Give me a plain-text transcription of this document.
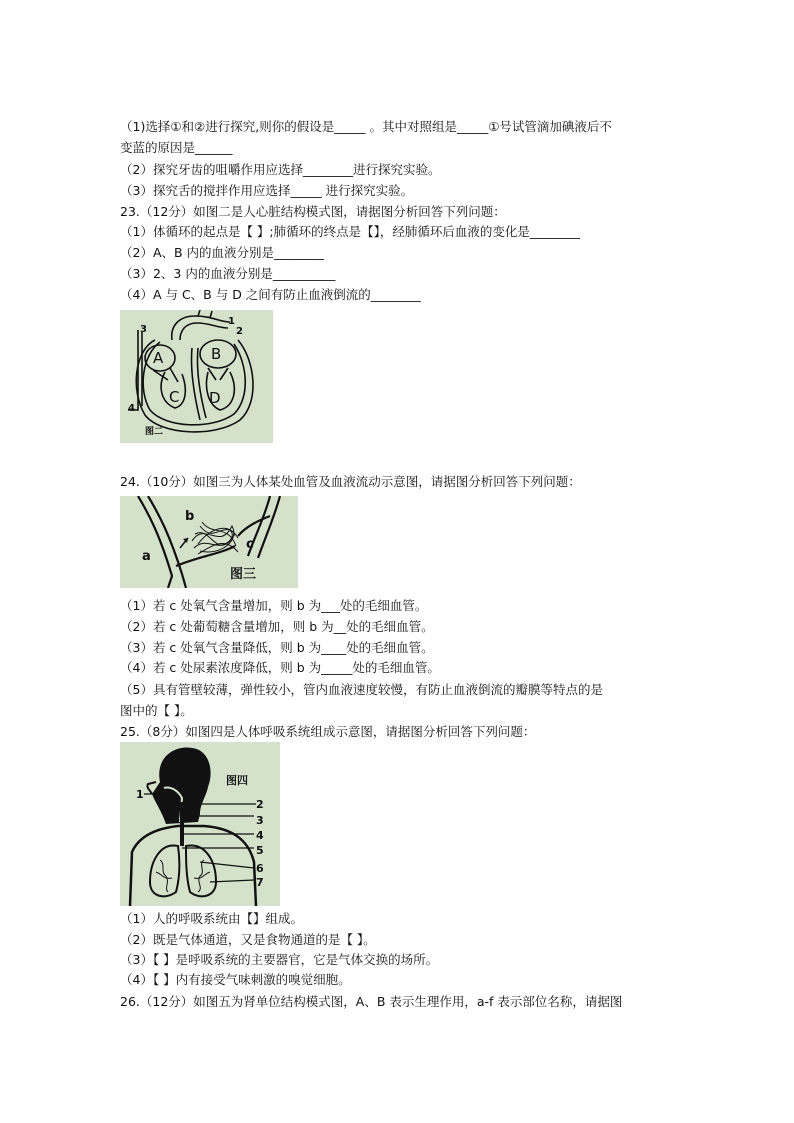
（1)选择①和②进行探究,则你的假设是_____ 。其中对照组是_____①号试管滴加碘液后不
变蓝的原因是______
（2）探究牙齿的咀嚼作用应选择________进行探究实验。
（3）探究舌的搅拌作用应选择_____ 进行探究实验。
23.（12分）如图二是人心脏结构模式图，请据图分析回答下列问题：
（1）体循环的起点是【 】;肺循环的终点是【】，经肺循环后血液的变化是________
（2）A、B 内的血液分别是________
（3）2、3 内的血液分别是__________
（4）A 与 C、B 与 D 之间有防止血液倒流的________
A	B
C D
1
2
3
4
图二
24.（10分）如图三为人体某处血管及血液流动示意图，请据图分析回答下列问题：
b
a
c
图三
（1）若 c 处氧气含量增加，则 b 为___处的毛细血管。
（2）若 c 处葡萄糖含量增加，则 b 为__处的毛细血管。
（3）若 c 处氧气含量降低，则 b 为____处的毛细血管。
（4）若 c 处尿素浓度降低，则 b 为_____处的毛细血管。
（5）具有管壁较薄，弹性较小，管内血液速度较慢，有防止血液倒流的瓣膜等特点的是
图中的【 】。
25.（8分）如图四是人体呼吸系统组成示意图，请据图分析回答下列问题：
1
2
3
4
5
6
7
图四
（1）人的呼吸系统由【】组成。
（2）既是气体通道，又是食物通道的是【 】。
（3）【 】是呼吸系统的主要器官，它是气体交换的场所。
（4）【 】内有接受气味刺激的嗅觉细胞。
26.（12分）如图五为肾单位结构模式图，A、B 表示生理作用，a-f 表示部位名称，请据图
